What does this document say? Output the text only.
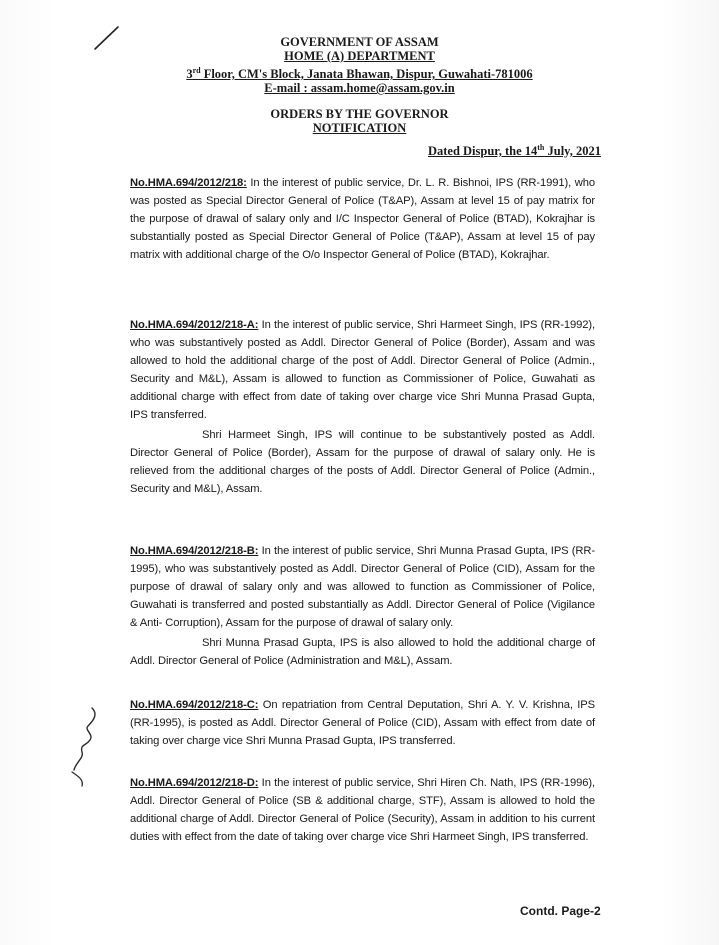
GOVERNMENT OF ASSAM
HOME (A) DEPARTMENT
3rd Floor, CM's Block, Janata Bhawan, Dispur, Guwahati-781006
E-mail : assam.home@assam.gov.in
ORDERS BY THE GOVERNOR
NOTIFICATION
Dated Dispur, the 14th July, 2021
No.HMA.694/2012/218: In the interest of public service, Dr. L. R. Bishnoi, IPS (RR-1991), who was posted as Special Director General of Police (T&AP), Assam at level 15 of pay matrix for the purpose of drawal of salary only and I/C Inspector General of Police (BTAD), Kokrajhar is substantially posted as Special Director General of Police (T&AP), Assam at level 15 of pay matrix with additional charge of the O/o Inspector General of Police (BTAD), Kokrajhar.
No.HMA.694/2012/218-A: In the interest of public service, Shri Harmeet Singh, IPS (RR-1992), who was substantively posted as Addl. Director General of Police (Border), Assam and was allowed to hold the additional charge of the post of Addl. Director General of Police (Admin., Security and M&L), Assam is allowed to function as Commissioner of Police, Guwahati as additional charge with effect from date of taking over charge vice Shri Munna Prasad Gupta, IPS transferred.
Shri Harmeet Singh, IPS will continue to be substantively posted as Addl. Director General of Police (Border), Assam for the purpose of drawal of salary only. He is relieved from the additional charges of the posts of Addl. Director General of Police (Admin., Security and M&L), Assam.
No.HMA.694/2012/218-B: In the interest of public service, Shri Munna Prasad Gupta, IPS (RR-1995), who was substantively posted as Addl. Director General of Police (CID), Assam for the purpose of drawal of salary only and was allowed to function as Commissioner of Police, Guwahati is transferred and posted substantially as Addl. Director General of Police (Vigilance & Anti- Corruption), Assam for the purpose of drawal of salary only.
Shri Munna Prasad Gupta, IPS is also allowed to hold the additional charge of Addl. Director General of Police (Administration and M&L), Assam.
No.HMA.694/2012/218-C: On repatriation from Central Deputation, Shri A. Y. V. Krishna, IPS (RR-1995), is posted as Addl. Director General of Police (CID), Assam with effect from date of taking over charge vice Shri Munna Prasad Gupta, IPS transferred.
No.HMA.694/2012/218-D: In the interest of public service, Shri Hiren Ch. Nath, IPS (RR-1996), Addl. Director General of Police (SB & additional charge, STF), Assam is allowed to hold the additional charge of Addl. Director General of Police (Security), Assam in addition to his current duties with effect from the date of taking over charge vice Shri Harmeet Singh, IPS transferred.
Contd. Page-2
